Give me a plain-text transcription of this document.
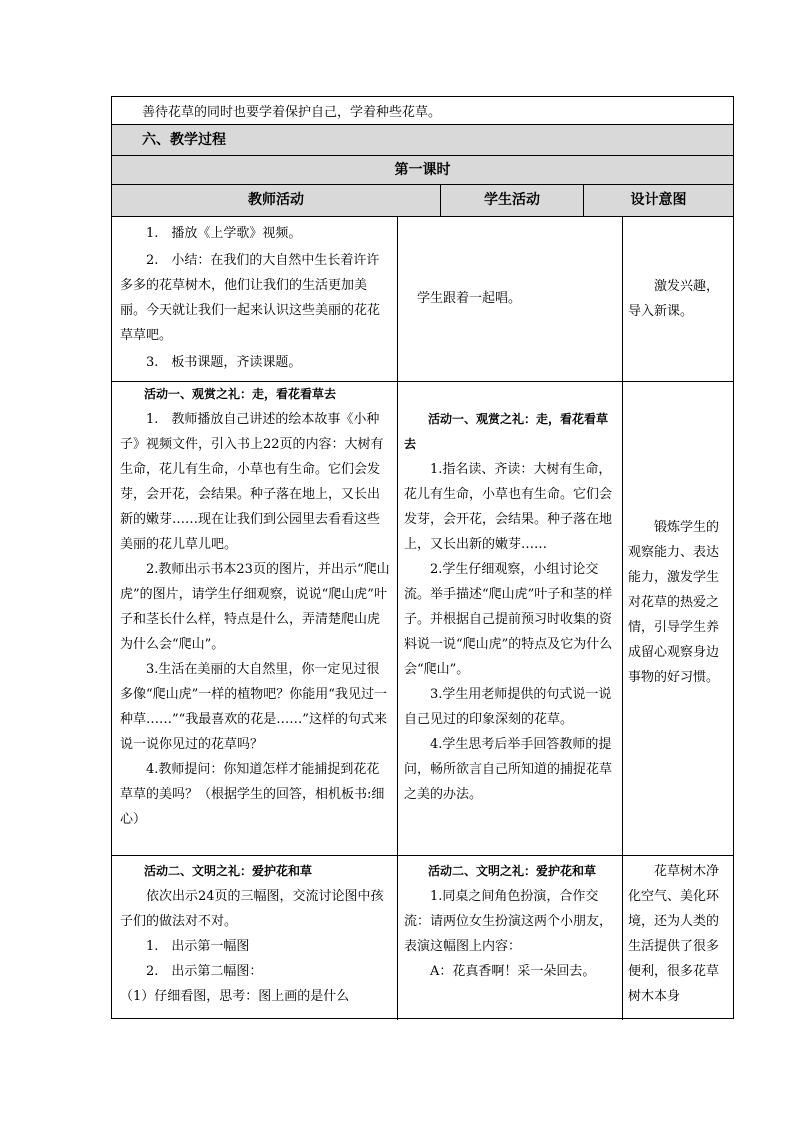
善待花草的同时也要学着保护自己，学着种些花草。
六、教学过程
第一课时
教师活动	学生活动	设计意图

1.　播放《上学歌》视频。

2.　小结：在我们的大自然中生长着许许多多的花草树木，他们让我们的生活更加美丽。今天就让我们一起来认识这些美丽的花花草草吧。

3.　板书课题，齐读课题。

学生跟着一起唱。

激发兴趣，导入新课。

活动一、观赏之礼：走，看花看草去

1.　教师播放自己讲述的绘本故事《小种子》视频文件，引入书上22页的内容：大树有生命，花儿有生命，小草也有生命。它们会发芽，会开花，会结果。种子落在地上，又长出新的嫩芽……现在让我们到公园里去看看这些美丽的花儿草儿吧。

2.教师出示书本23页的图片，并出示“爬山虎”的图片，请学生仔细观察，说说“爬山虎”叶子和茎长什么样，特点是什么，弄清楚爬山虎为什么会“爬山”。

3.生活在美丽的大自然里，你一定见过很多像“爬山虎”一样的植物吧？你能用“我见过一种草……”“我最喜欢的花是……”这样的句式来说一说你见过的花草吗？

4.教师提问：你知道怎样才能捕捉到花花草草的美吗？（根据学生的回答，相机板书:细心）

活动一、观赏之礼：走，看花看草去

1.指名读、齐读：大树有生命，花儿有生命，小草也有生命。它们会发芽，会开花，会结果。种子落在地上，又长出新的嫩芽……

2.学生仔细观察，小组讨论交流。举手描述“爬山虎”叶子和茎的样子。并根据自己提前预习时收集的资料说一说“爬山虎”的特点及它为什么会“爬山”。

3.学生用老师提供的句式说一说自己见过的印象深刻的花草。

4.学生思考后举手回答教师的提问，畅所欲言自己所知道的捕捉花草之美的办法。

锻炼学生的观察能力、表达能力，激发学生对花草的热爱之情，引导学生养成留心观察身边事物的好习惯。

活动二、文明之礼：爱护花和草

依次出示24页的三幅图，交流讨论图中孩子们的做法对不对。

1.　出示第一幅图

2.　出示第二幅图：

（1）仔细看图，思考：图上画的是什么

活动二、文明之礼：爱护花和草

1.同桌之间角色扮演，合作交流：请两位女生扮演这两个小朋友，表演这幅图上内容：

A：花真香啊！采一朵回去。

花草树木净化空气、美化环境，还为人类的生活提供了很多便利，很多花草树木本身
